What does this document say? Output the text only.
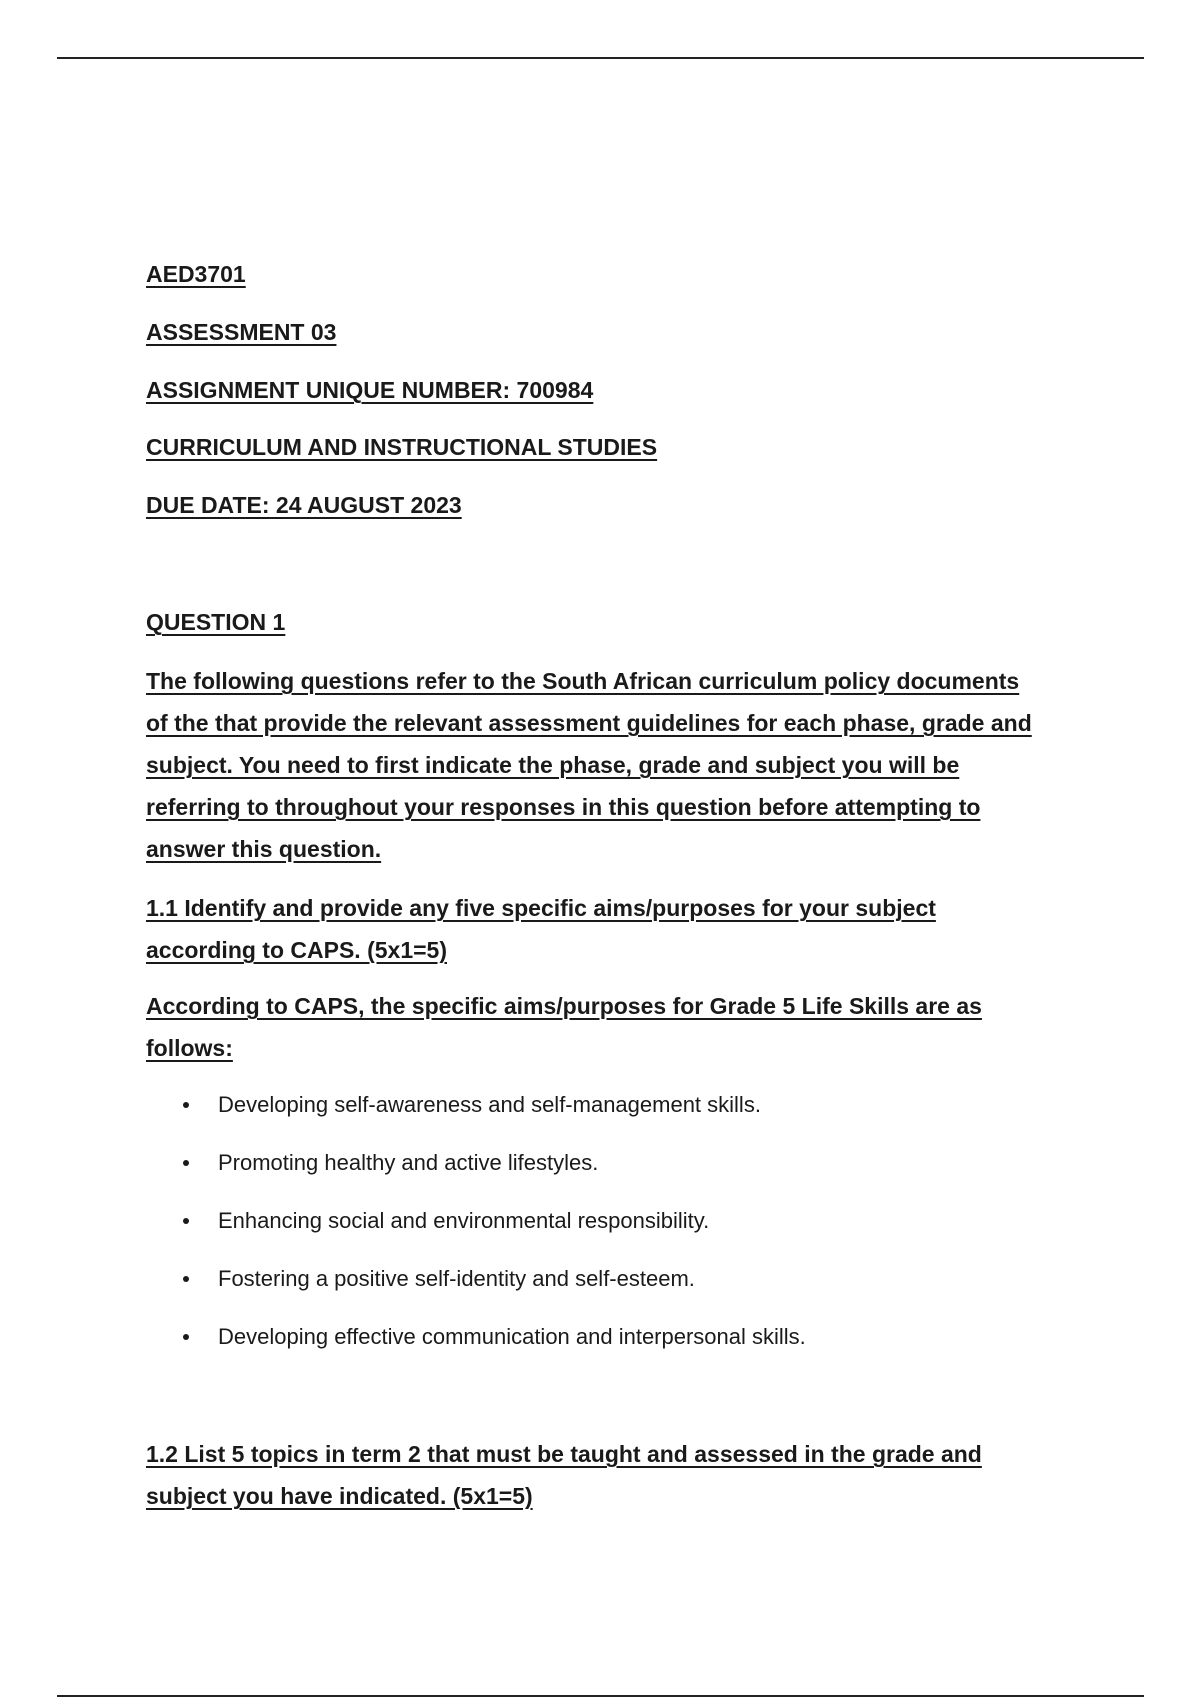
AED3701

ASSESSMENT 03

ASSIGNMENT UNIQUE NUMBER: 700984

CURRICULUM AND INSTRUCTIONAL STUDIES

DUE DATE: 24 AUGUST 2023

QUESTION 1

The following questions refer to the South African curriculum policy documents of the that provide the relevant assessment guidelines for each phase, grade and subject. You need to first indicate the phase, grade and subject you will be referring to throughout your responses in this question before attempting to answer this question.

1.1 Identify and provide any five specific aims/purposes for your subject according to CAPS. (5x1=5)

According to CAPS, the specific aims/purposes for Grade 5 Life Skills are as follows:

Developing self-awareness and self-management skills.
Promoting healthy and active lifestyles.
Enhancing social and environmental responsibility.
Fostering a positive self-identity and self-esteem.
Developing effective communication and interpersonal skills.

1.2 List 5 topics in term 2 that must be taught and assessed in the grade and subject you have indicated. (5x1=5)
